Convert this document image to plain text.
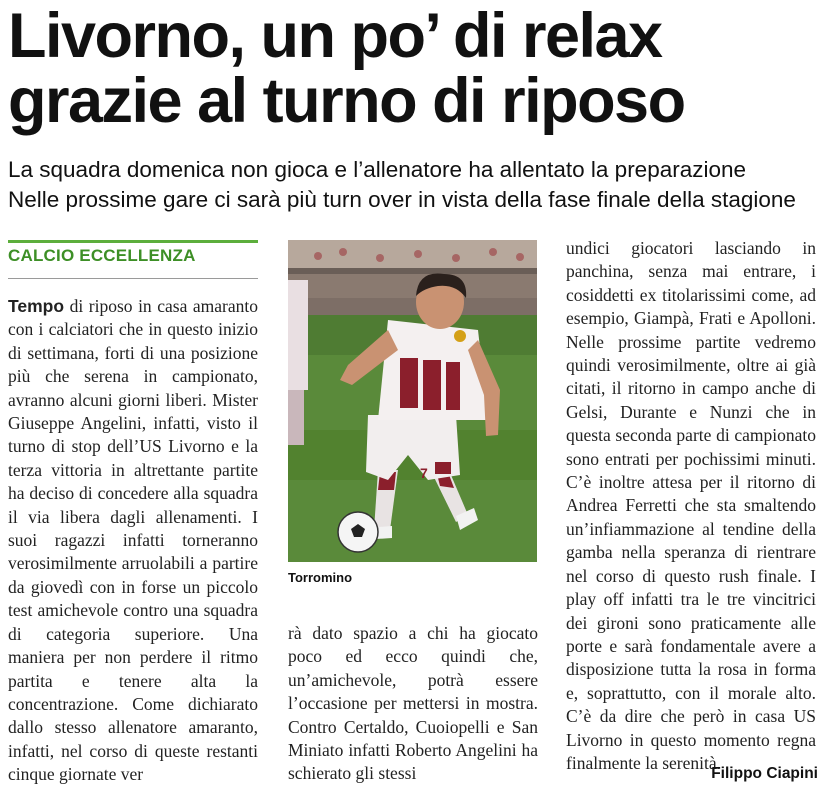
Livorno, un po’ di relax
grazie al turno di riposo

La squadra domenica non gioca e l’allenatore ha allentato la preparazione
Nelle prossime gare ci sarà più turn over in vista della fase finale della stagione

CALCIO ECCELLENZA

Tempo di riposo in casa amaranto con i calciatori che in questo inizio di settimana, forti di una posizione più che serena in campionato, avranno alcuni giorni liberi. Mister Giuseppe Angelini, infatti, visto il turno di stop dell’US Livorno e la terza vittoria in altrettante partite ha deciso di concedere alla squadra il via libera dagli allenamenti. I suoi ragazzi infatti torneranno verosimilmente arruolabili a partire da giovedì con in forse un piccolo test amichevole contro una squadra di categoria superiore. Una maniera per non perdere il ritmo partita e tenere alta la concentrazione. Come dichiarato dallo stesso allenatore amaranto, infatti, nel corso di queste restanti cinque giornate ver

7
Torromino

rà dato spazio a chi ha giocato poco ed ecco quindi che, un’amichevole, potrà essere l’occasione per mettersi in mostra. Contro Certaldo, Cuoiopelli e San Miniato infatti Roberto Angelini ha schierato gli stessi

undici giocatori lasciando in panchina, senza mai entrare, i cosiddetti ex titolarissimi come, ad esempio, Giampà, Frati e Apolloni. Nelle prossime partite vedremo quindi verosimilmente, oltre ai già citati, il ritorno in campo anche di Gelsi, Durante e Nunzi che in questa seconda parte di campionato sono entrati per pochissimi minuti. C’è inoltre attesa per il ritorno di Andrea Ferretti che sta smaltendo un’infiammazione al tendine della gamba nella speranza di rientrare nel corso di questo rush finale. I play off infatti tra le tre vincitrici dei gironi sono praticamente alle porte e sarà fondamentale avere a disposizione tutta la rosa in forma e, soprattutto, con il morale alto. C’è da dire che però in casa US Livorno in questo momento regna finalmente la serenità.

Filippo Ciapini
